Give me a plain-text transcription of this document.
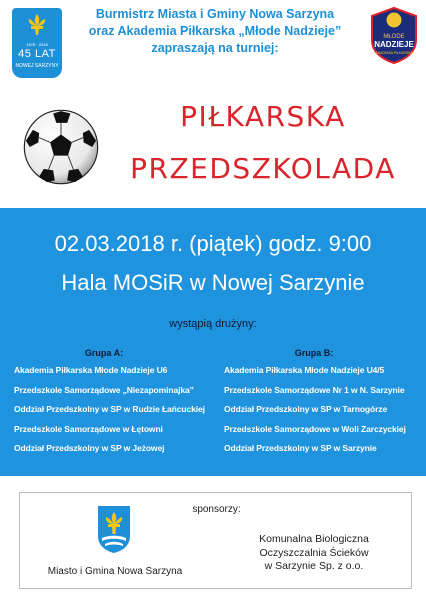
1978 · 2018
45 LAT
NOWEJ SARZYNY
Burmistrz Miasta i Gminy Nowa Sarzyna
oraz Akademia Piłkarska „Młode Nadzieje”
zapraszają na turniej:
MŁODE
NADZIEJE
AKADEMIA PIŁKARSKA
PIŁKARSKA
PRZEDSZKOLADA
02.03.2018 r. (piątek) godz. 9:00
Hala MOSiR w Nowej Sarzynie
wystąpią drużyny:
Grupa A:
Akademia Piłkarska Młode Nadzieje U6
Przedszkole Samorządowe „Niezapominajka”
Oddział Przedszkolny w SP w Rudzie Łańcuckiej
Przedszkole Samorządowe w Łętowni
Oddział Przedszkolny w SP w Jeżowej
Grupa B:
Akademia Piłkarska Młode Nadzieje U4/5
Przedszkole Samorządowe Nr 1 w N. Sarzynie
Oddział Przedszkolny w SP w Tarnogórze
Przedszkole Samorządowe w Woli Zarczyckiej
Oddział Przedszkolny w SP w Sarzynie
sponsorzy:
Miasto i Gmina Nowa Sarzyna
Komunalna Biologiczna
Oczyszczalnia Ścieków
w Sarzynie Sp. z o.o.
